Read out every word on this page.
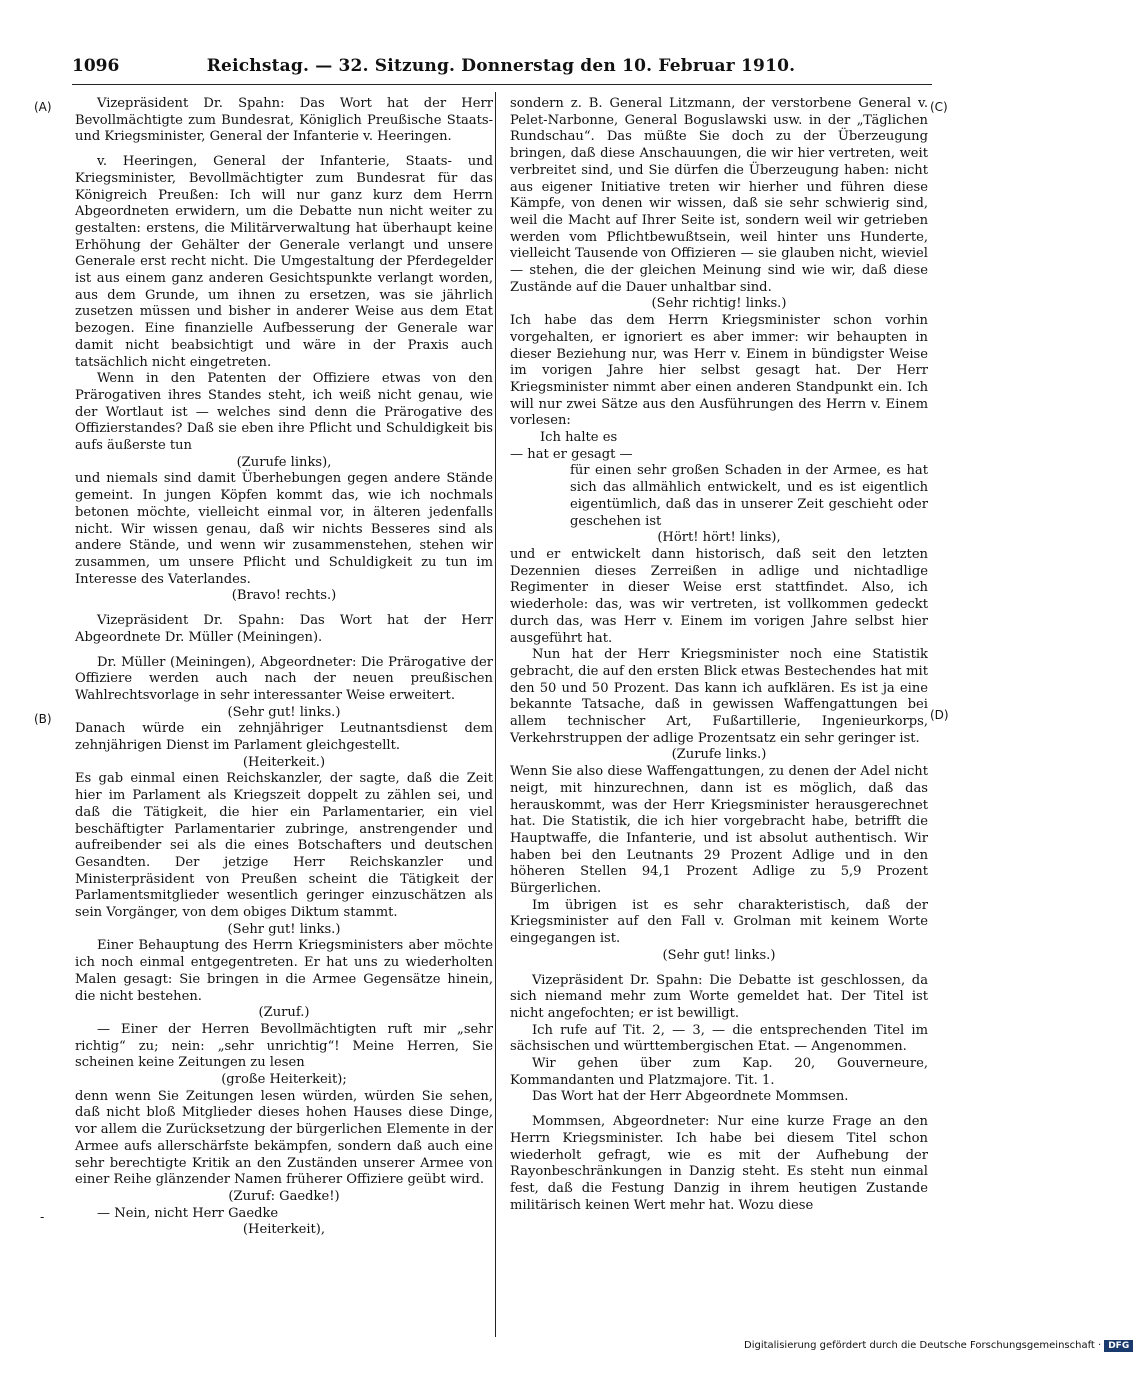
1096	Reichstag. — 32. Sitzung. Donnerstag den 10. Februar 1910.
(A)
(B)
-
(C)
(D)

Vizepräsident Dr. Spahn: Das Wort hat der Herr Bevollmächtigte zum Bundesrat, Königlich Preußische Staats- und Kriegsminister, General der Infanterie v. Heeringen.

v. Heeringen, General der Infanterie, Staats- und Kriegsminister, Bevollmächtigter zum Bundesrat für das Königreich Preußen: Ich will nur ganz kurz dem Herrn Abgeordneten erwidern, um die Debatte nun nicht weiter zu gestalten: erstens, die Militärverwaltung hat überhaupt keine Erhöhung der Gehälter der Generale verlangt und unsere Generale erst recht nicht. Die Umgestaltung der Pferdegelder ist aus einem ganz anderen Gesichtspunkte verlangt worden, aus dem Grunde, um ihnen zu ersetzen, was sie jährlich zusetzen müssen und bisher in anderer Weise aus dem Etat bezogen. Eine finanzielle Aufbesserung der Generale war damit nicht beabsichtigt und wäre in der Praxis auch tatsächlich nicht eingetreten.

Wenn in den Patenten der Offiziere etwas von den Prärogativen ihres Standes steht, ich weiß nicht genau, wie der Wortlaut ist — welches sind denn die Prärogative des Offizierstandes? Daß sie eben ihre Pflicht und Schuldigkeit bis aufs äußerste tun

(Zurufe links),

und niemals sind damit Überhebungen gegen andere Stände gemeint. In jungen Köpfen kommt das, wie ich nochmals betonen möchte, vielleicht einmal vor, in älteren jedenfalls nicht. Wir wissen genau, daß wir nichts Besseres sind als andere Stände, und wenn wir zusammenstehen, stehen wir zusammen, um unsere Pflicht und Schuldigkeit zu tun im Interesse des Vaterlandes.

(Bravo! rechts.)

Vizepräsident Dr. Spahn: Das Wort hat der Herr Abgeordnete Dr. Müller (Meiningen).

Dr. Müller (Meiningen), Abgeordneter: Die Prärogative der Offiziere werden auch nach der neuen preußischen Wahlrechtsvorlage in sehr interessanter Weise erweitert.

(Sehr gut! links.)

Danach würde ein zehnjähriger Leutnantsdienst dem zehnjährigen Dienst im Parlament gleichgestellt.

(Heiterkeit.)

Es gab einmal einen Reichskanzler, der sagte, daß die Zeit hier im Parlament als Kriegszeit doppelt zu zählen sei, und daß die Tätigkeit, die hier ein Parlamentarier, ein viel beschäftigter Parlamentarier zubringe, anstrengender und aufreibender sei als die eines Botschafters und deutschen Gesandten. Der jetzige Herr Reichskanzler und Ministerpräsident von Preußen scheint die Tätigkeit der Parlamentsmitglieder wesentlich geringer einzuschätzen als sein Vorgänger, von dem obiges Diktum stammt.

(Sehr gut! links.)

Einer Behauptung des Herrn Kriegsministers aber möchte ich noch einmal entgegentreten. Er hat uns zu wiederholten Malen gesagt: Sie bringen in die Armee Gegensätze hinein, die nicht bestehen.

(Zuruf.)

— Einer der Herren Bevollmächtigten ruft mir „sehr richtig“ zu; nein: „sehr unrichtig“! Meine Herren, Sie scheinen keine Zeitungen zu lesen

(große Heiterkeit);

denn wenn Sie Zeitungen lesen würden, würden Sie sehen, daß nicht bloß Mitglieder dieses hohen Hauses diese Dinge, vor allem die Zurücksetzung der bürgerlichen Elemente in der Armee aufs allerschärfste bekämpfen, sondern daß auch eine sehr berechtigte Kritik an den Zuständen unserer Armee von einer Reihe glänzender Namen früherer Offiziere geübt wird.

(Zuruf: Gaedke!)

— Nein, nicht Herr Gaedke

(Heiterkeit),

sondern z. B. General Litzmann, der verstorbene General v. Pelet-Narbonne, General Boguslawski usw. in der „Täglichen Rundschau“. Das müßte Sie doch zu der Überzeugung bringen, daß diese Anschauungen, die wir hier vertreten, weit verbreitet sind, und Sie dürfen die Überzeugung haben: nicht aus eigener Initiative treten wir hierher und führen diese Kämpfe, von denen wir wissen, daß sie sehr schwierig sind, weil die Macht auf Ihrer Seite ist, sondern weil wir getrieben werden vom Pflichtbewußtsein, weil hinter uns Hunderte, vielleicht Tausende von Offizieren — sie glauben nicht, wieviel — stehen, die der gleichen Meinung sind wie wir, daß diese Zustände auf die Dauer unhaltbar sind.

(Sehr richtig! links.)

Ich habe das dem Herrn Kriegsminister schon vorhin vorgehalten, er ignoriert es aber immer: wir behaupten in dieser Beziehung nur, was Herr v. Einem in bündigster Weise im vorigen Jahre hier selbst gesagt hat. Der Herr Kriegsminister nimmt aber einen anderen Standpunkt ein. Ich will nur zwei Sätze aus den Ausführungen des Herrn v. Einem vorlesen:

Ich halte es

— hat er gesagt —

für einen sehr großen Schaden in der Armee, es hat sich das allmählich entwickelt, und es ist eigentlich eigentümlich, daß das in unserer Zeit geschieht oder geschehen ist

(Hört! hört! links),

und er entwickelt dann historisch, daß seit den letzten Dezennien dieses Zerreißen in adlige und nichtadlige Regimenter in dieser Weise erst stattfindet. Also, ich wiederhole: das, was wir vertreten, ist vollkommen gedeckt durch das, was Herr v. Einem im vorigen Jahre selbst hier ausgeführt hat.

Nun hat der Herr Kriegsminister noch eine Statistik gebracht, die auf den ersten Blick etwas Bestechendes hat mit den 50 und 50 Prozent. Das kann ich aufklären. Es ist ja eine bekannte Tatsache, daß in gewissen Waffengattungen bei allem technischer Art, Fußartillerie, Ingenieurkorps, Verkehrstruppen der adlige Prozentsatz ein sehr geringer ist.

(Zurufe links.)

Wenn Sie also diese Waffengattungen, zu denen der Adel nicht neigt, mit hinzurechnen, dann ist es möglich, daß das herauskommt, was der Herr Kriegsminister herausgerechnet hat. Die Statistik, die ich hier vorgebracht habe, betrifft die Hauptwaffe, die Infanterie, und ist absolut authentisch. Wir haben bei den Leutnants 29 Prozent Adlige und in den höheren Stellen 94,1 Prozent Adlige zu 5,9 Prozent Bürgerlichen.

Im übrigen ist es sehr charakteristisch, daß der Kriegsminister auf den Fall v. Grolman mit keinem Worte eingegangen ist.

(Sehr gut! links.)

Vizepräsident Dr. Spahn: Die Debatte ist geschlossen, da sich niemand mehr zum Worte gemeldet hat. Der Titel ist nicht angefochten; er ist bewilligt.

Ich rufe auf Tit. 2, — 3, — die entsprechenden Titel im sächsischen und württembergischen Etat. — Angenommen.

Wir gehen über zum Kap. 20, Gouverneure, Kommandanten und Platzmajore. Tit. 1.

Das Wort hat der Herr Abgeordnete Mommsen.

Mommsen, Abgeordneter: Nur eine kurze Frage an den Herrn Kriegsminister. Ich habe bei diesem Titel schon wiederholt gefragt, wie es mit der Aufhebung der Rayonbeschränkungen in Danzig steht. Es steht nun einmal fest, daß die Festung Danzig in ihrem heutigen Zustande militärisch keinen Wert mehr hat. Wozu diese

Digitalisierung gefördert durch die Deutsche Forschungsgemeinschaft · DFG
